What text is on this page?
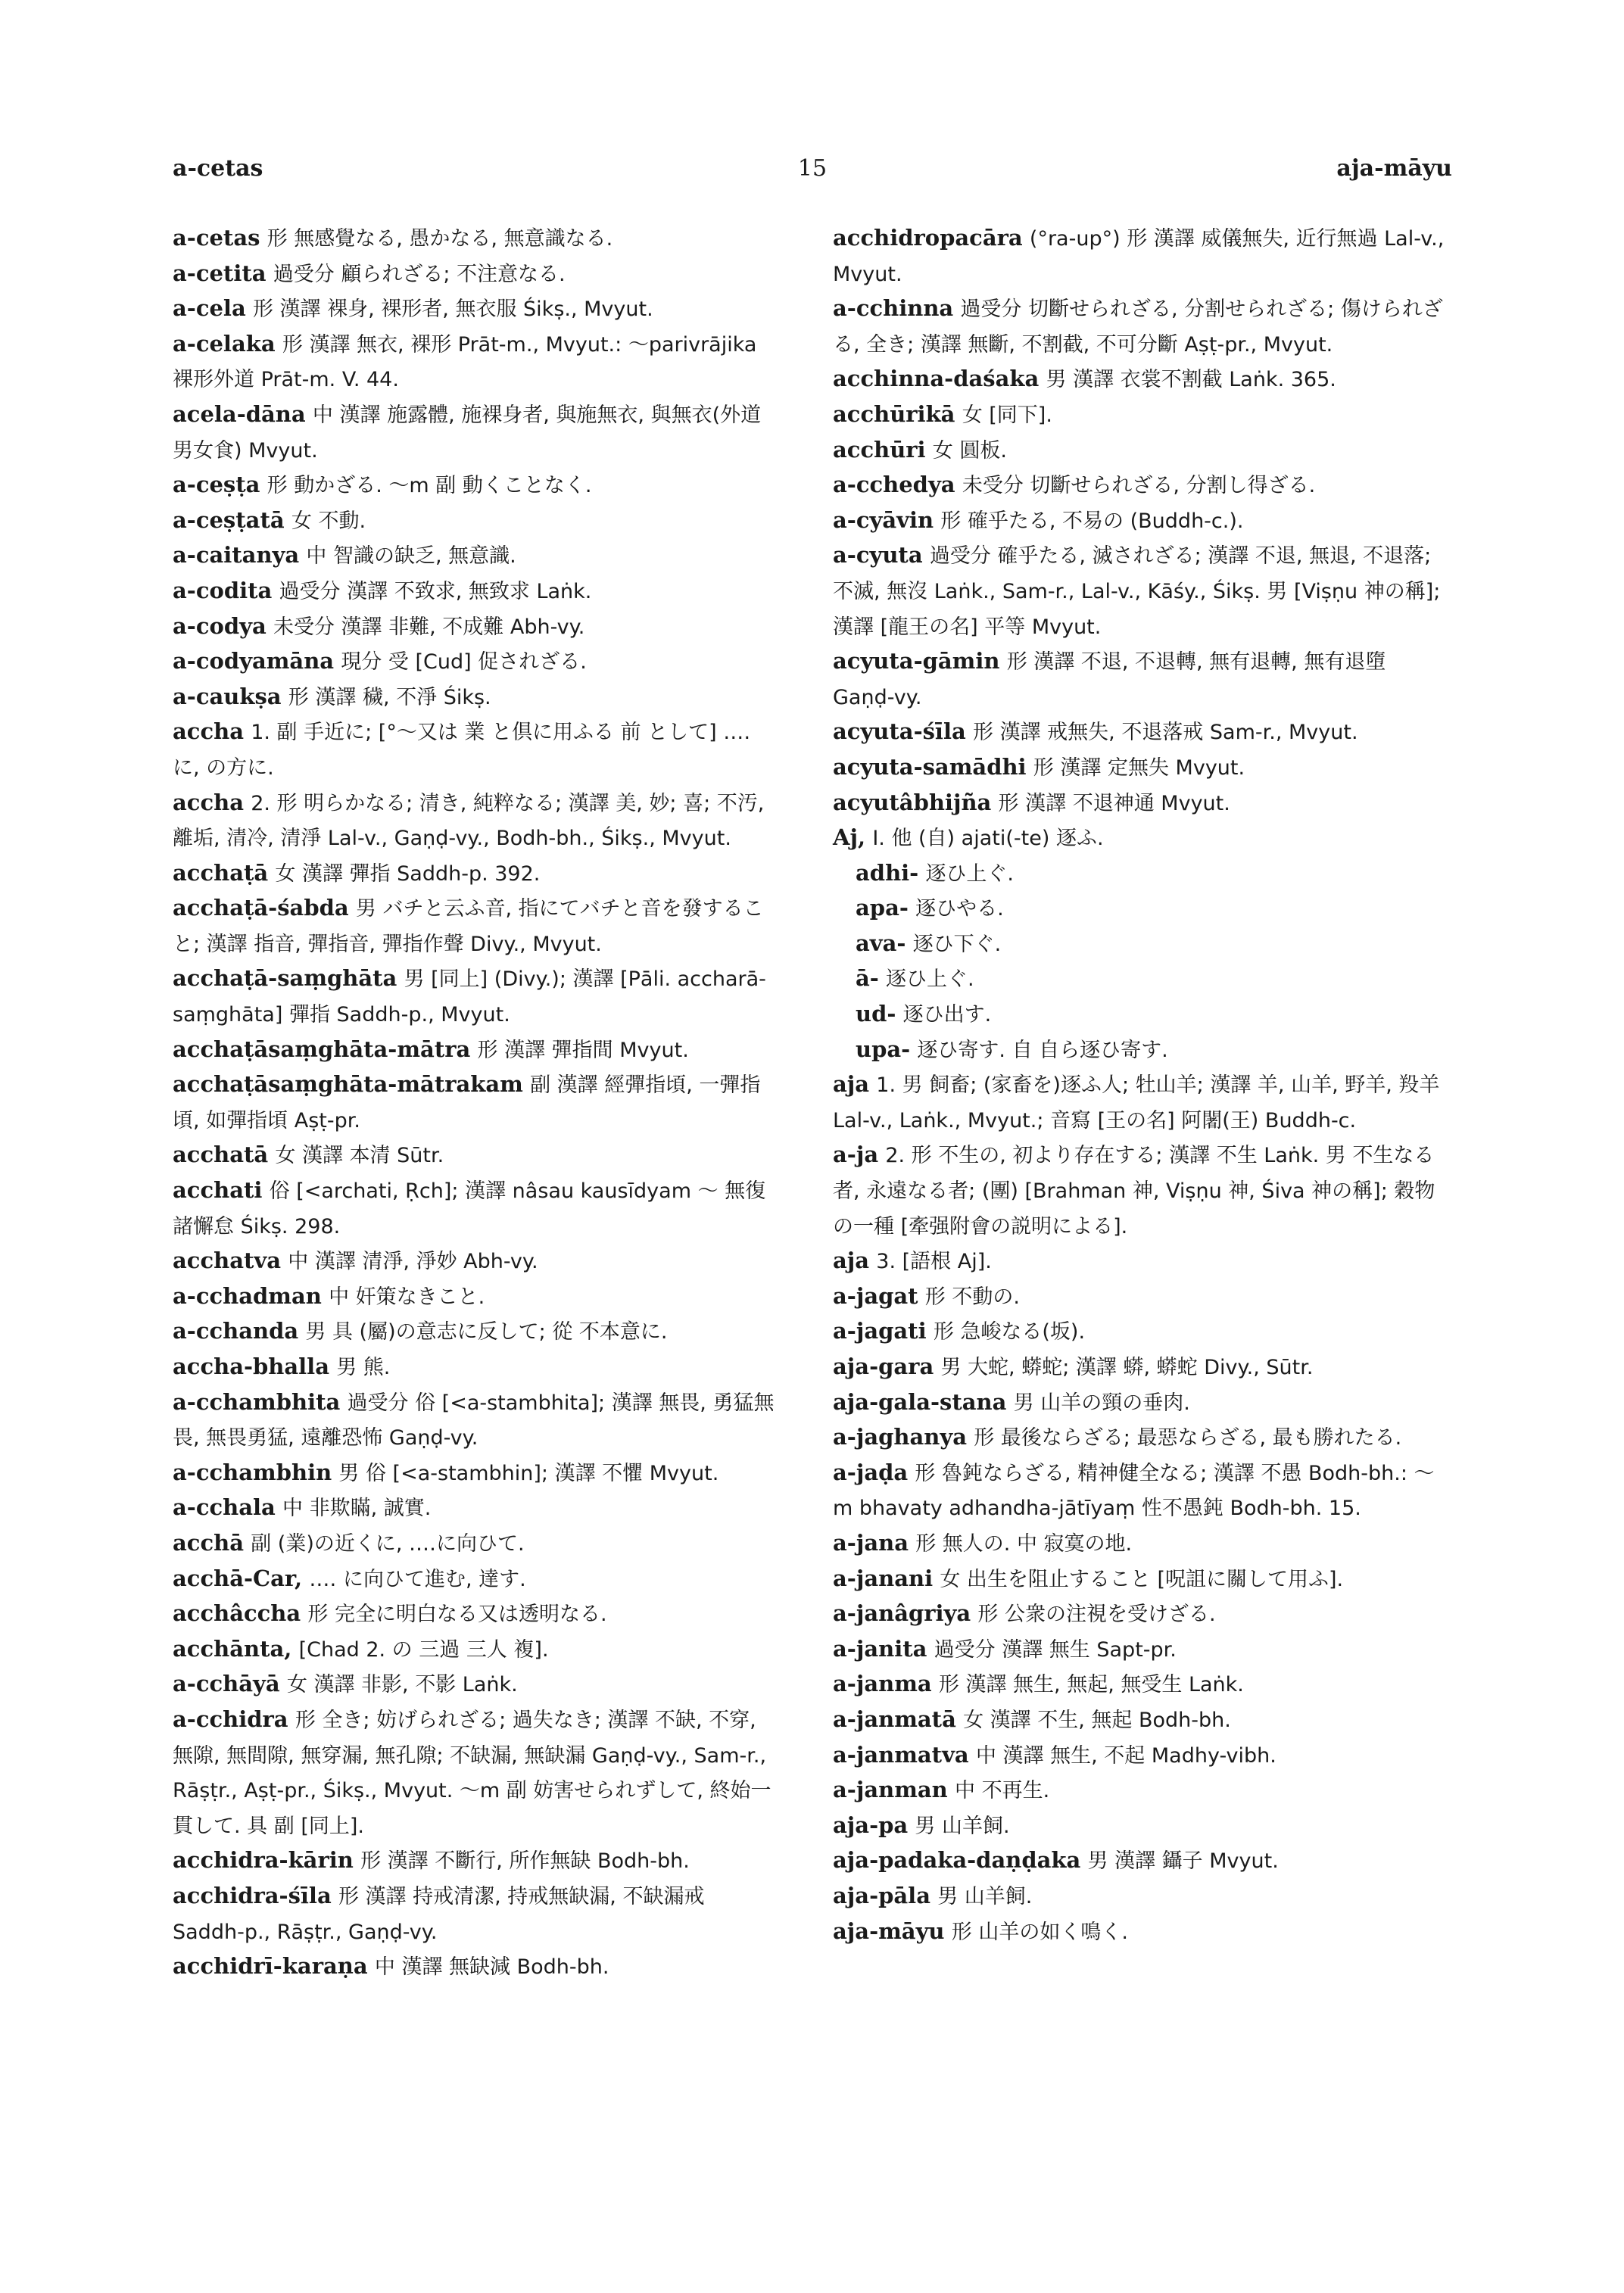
a-cetas	15	aja-māyu

a-cetas 形 無感覺なる, 愚かなる, 無意識なる.

a-cetita 過受分 顧られざる; 不注意なる.

a-cela 形 漢譯 裸身, 裸形者, 無衣服 Śikṣ., Mvyut.

a-celaka 形 漢譯 無衣, 裸形 Prāt-m., Mvyut.: 〜parivrājika 裸形外道 Prāt-m. V. 44.

acela-dāna 中 漢譯 施露體, 施裸身者, 與施無衣, 與無衣(外道男女食) Mvyut.

a-ceṣṭa 形 動かざる. 〜m 副 動くことなく.

a-ceṣṭatā 女 不動.

a-caitanya 中 智識の缺乏, 無意識.

a-codita 過受分 漢譯 不致求, 無致求 Laṅk.

a-codya 未受分 漢譯 非難, 不成難 Abh-vy.

a-codyamāna 現分 受 [Cud] 促されざる.

a-caukṣa 形 漢譯 穢, 不淨 Śikṣ.

accha 1. 副 手近に; [°〜又は 業 と倶に用ふる 前 として] ‥‥に, の方に.

accha 2. 形 明らかなる; 清き, 純粹なる; 漢譯 美, 妙; 喜; 不汚, 離垢, 清冷, 清淨 Lal-v., Gaṇḍ-vy., Bodh-bh., Śikṣ., Mvyut.

acchaṭā 女 漢譯 彈指 Saddh-p. 392.

acchaṭā-śabda 男 バチと云ふ音, 指にてバチと音を發すること; 漢譯 指音, 彈指音, 彈指作聲 Divy., Mvyut.

acchaṭā-saṃghāta 男 [同上] (Divy.); 漢譯 [Pāli. accharā-saṃghāta] 彈指 Saddh-p., Mvyut.

acchaṭāsaṃghāta-mātra 形 漢譯 彈指間 Mvyut.

acchaṭāsaṃghāta-mātrakam 副 漢譯 經彈指頃, 一彈指頃, 如彈指頃 Aṣṭ-pr.

acchatā 女 漢譯 本清 Sūtr.

acchati 俗 [<archati, Ṛch]; 漢譯 nâsau kausīdyam 〜 無復諸懈怠 Śikṣ. 298.

acchatva 中 漢譯 清淨, 淨妙 Abh-vy.

a-cchadman 中 奸策なきこと.

a-cchanda 男 具 (屬)の意志に反して; 從 不本意に.

accha-bhalla 男 熊.

a-cchambhita 過受分 俗 [<a-stambhita]; 漢譯 無畏, 勇猛無畏, 無畏勇猛, 遠離恐怖 Gaṇḍ-vy.

a-cchambhin 男 俗 [<a-stambhin]; 漢譯 不懼 Mvyut.

a-cchala 中 非欺瞞, 誠實.

acchā 副 (業)の近くに, ‥‥に向ひて.

acchā-Car, ‥‥ に向ひて進む, 達す.

acchâccha 形 完全に明白なる又は透明なる.

acchānta, [Chad 2. の 三過 三人 複].

a-cchāyā 女 漢譯 非影, 不影 Laṅk.

a-cchidra 形 全き; 妨げられざる; 過失なき; 漢譯 不缺, 不穿, 無隙, 無間隙, 無穿漏, 無孔隙; 不缺漏, 無缺漏 Gaṇḍ-vy., Sam-r., Rāṣṭr., Aṣṭ-pr., Śikṣ., Mvyut. 〜m 副 妨害せられずして, 終始一貫して. 具 副 [同上].

acchidra-kārin 形 漢譯 不斷行, 所作無缺 Bodh-bh.

acchidra-śīla 形 漢譯 持戒清潔, 持戒無缺漏, 不缺漏戒 Saddh-p., Rāṣṭr., Gaṇḍ-vy.

acchidrī-karaṇa 中 漢譯 無缺減 Bodh-bh.

acchidropacāra (°ra-up°) 形 漢譯 威儀無失, 近行無過 Lal-v., Mvyut.

a-cchinna 過受分 切斷せられざる, 分割せられざる; 傷けられざる, 全き; 漢譯 無斷, 不割截, 不可分斷 Aṣṭ-pr., Mvyut.

acchinna-daśaka 男 漢譯 衣裳不割截 Laṅk. 365.

acchūrikā 女 [同下].

acchūri 女 圓板.

a-cchedya 未受分 切斷せられざる, 分割し得ざる.

a-cyāvin 形 確乎たる, 不易の (Buddh-c.).

a-cyuta 過受分 確乎たる, 滅されざる; 漢譯 不退, 無退, 不退落; 不滅, 無沒 Laṅk., Sam-r., Lal-v., Kāśy., Śikṣ. 男 [Viṣṇu 神の稱]; 漢譯 [龍王の名] 平等 Mvyut.

acyuta-gāmin 形 漢譯 不退, 不退轉, 無有退轉, 無有退墮 Gaṇḍ-vy.

acyuta-śīla 形 漢譯 戒無失, 不退落戒 Sam-r., Mvyut.

acyuta-samādhi 形 漢譯 定無失 Mvyut.

acyutâbhijña 形 漢譯 不退神通 Mvyut.

Aj, I. 他 (自) ajati(-te) 逐ふ.

adhi- 逐ひ上ぐ.

apa- 逐ひやる.

ava- 逐ひ下ぐ.

ā- 逐ひ上ぐ.

ud- 逐ひ出す.

upa- 逐ひ寄す. 自 自ら逐ひ寄す.

aja 1. 男 飼畜; (家畜を)逐ふ人; 牡山羊; 漢譯 羊, 山羊, 野羊, 羖羊 Lal-v., Laṅk., Mvyut.; 音寫 [王の名] 阿闍(王) Buddh-c.

a-ja 2. 形 不生の, 初より存在する; 漢譯 不生 Laṅk. 男 不生なる者, 永遠なる者; (團) [Brahman 神, Viṣṇu 神, Śiva 神の稱]; 穀物の一種 [牽强附會の説明による].

aja 3. [語根 Aj].

a-jagat 形 不動の.

a-jagati 形 急峻なる(坂).

aja-gara 男 大蛇, 蟒蛇; 漢譯 蟒, 蟒蛇 Divy., Sūtr.

aja-gala-stana 男 山羊の頸の垂肉.

a-jaghanya 形 最後ならざる; 最惡ならざる, 最も勝れたる.

a-jaḍa 形 魯鈍ならざる, 精神健全なる; 漢譯 不愚 Bodh-bh.: 〜m bhavaty adhandha-jātīyaṃ 性不愚鈍 Bodh-bh. 15.

a-jana 形 無人の. 中 寂寞の地.

a-janani 女 出生を阻止すること [呪詛に關して用ふ].

a-janâgriya 形 公衆の注視を受けざる.

a-janita 過受分 漢譯 無生 Sapt-pr.

a-janma 形 漢譯 無生, 無起, 無受生 Laṅk.

a-janmatā 女 漢譯 不生, 無起 Bodh-bh.

a-janmatva 中 漢譯 無生, 不起 Madhy-vibh.

a-janman 中 不再生.

aja-pa 男 山羊飼.

aja-padaka-daṇḍaka 男 漢譯 鑷子 Mvyut.

aja-pāla 男 山羊飼.

aja-māyu 形 山羊の如く鳴く.
